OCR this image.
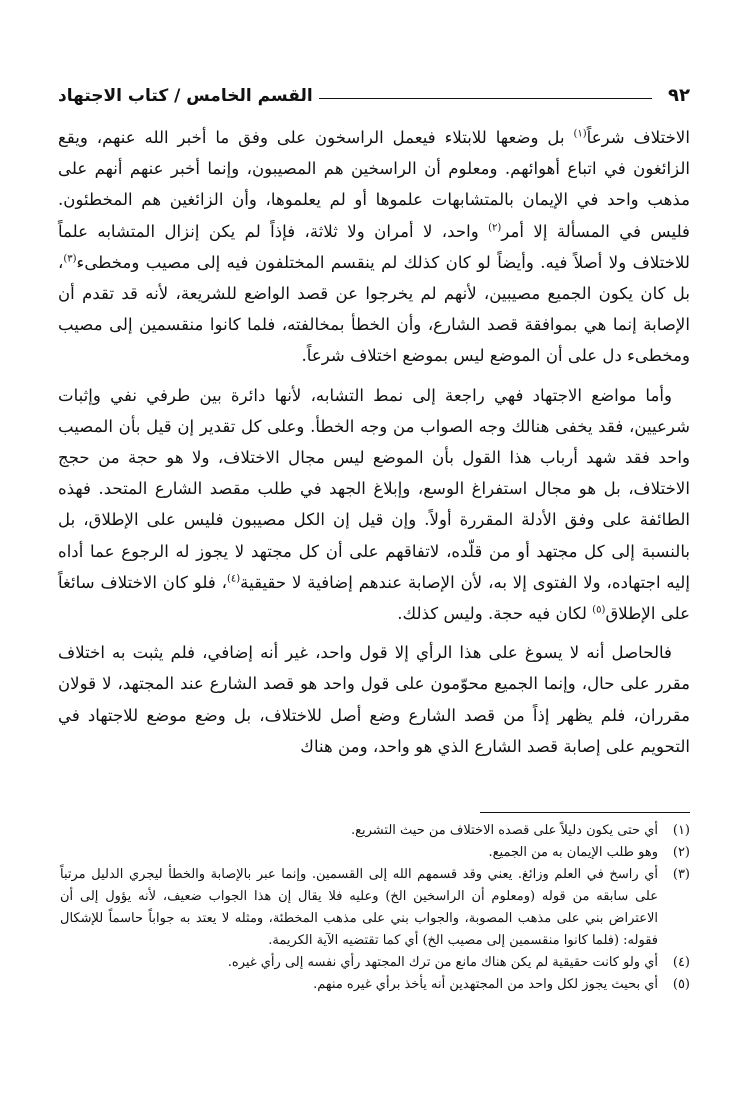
٩٢
القسم الخامس / كتاب الاجتهاد

الاختلاف شرعاً$^{(١)}$ بل وضعها للابتلاء فيعمل الراسخون على وفق ما أخبر الله عنهم، ويقع الزائغون في اتباع أهوائهم. ومعلوم أن الراسخين هم المصيبون، وإنما أخبر عنهم أنهم على مذهب واحد في الإيمان بالمتشابهات علموها أو لم يعلموها، وأن الزائغين هم المخطئون. فليس في المسألة إلا أمر$^{(٢)}$ واحد، لا أمران ولا ثلاثة، فإذاً لم يكن إنزال المتشابه علماً للاختلاف ولا أصلاً فيه. وأيضاً لو كان كذلك لم ينقسم المختلفون فيه إلى مصيب ومخطىء$^{(٣)}$، بل كان يكون الجميع مصيبين، لأنهم لم يخرجوا عن قصد الواضع للشريعة، لأنه قد تقدم أن الإصابة إنما هي بموافقة قصد الشارع، وأن الخطأ بمخالفته، فلما كانوا منقسمين إلى مصيب ومخطىء دل على أن الموضع ليس بموضع اختلاف شرعاً.

وأما مواضع الاجتهاد فهي راجعة إلى نمط التشابه، لأنها دائرة بين طرفي نفي وإثبات شرعيين، فقد يخفى هنالك وجه الصواب من وجه الخطأ. وعلى كل تقدير إن قيل بأن المصيب واحد فقد شهد أرباب هذا القول بأن الموضع ليس مجال الاختلاف، ولا هو حجة من حجج الاختلاف، بل هو مجال استفراغ الوسع، وإبلاغ الجهد في طلب مقصد الشارع المتحد. فهذه الطائفة على وفق الأدلة المقررة أولاً. وإن قيل إن الكل مصيبون فليس على الإطلاق، بل بالنسبة إلى كل مجتهد أو من قلّده، لاتفاقهم على أن كل مجتهد لا يجوز له الرجوع عما أداه إليه اجتهاده، ولا الفتوى إلا به، لأن الإصابة عندهم إضافية لا حقيقية$^{(٤)}$، فلو كان الاختلاف سائغاً على الإطلاق$^{(٥)}$ لكان فيه حجة. وليس كذلك.

فالحاصل أنه لا يسوغ على هذا الرأي إلا قول واحد، غير أنه إضافي، فلم يثبت به اختلاف مقرر على حال، وإنما الجميع محوّمون على قول واحد هو قصد الشارع عند المجتهد، لا قولان مقرران، فلم يظهر إذاً من قصد الشارع وضع أصل للاختلاف، بل وضع موضع للاجتهاد في التحويم على إصابة قصد الشارع الذي هو واحد، ومن هناك

(١)
أي حتى يكون دليلاً على قصده الاختلاف من حيث التشريع.
(٢)
وهو طلب الإيمان به من الجميع.
(٣)
أي راسخ في العلم وزائغ. يعني وقد قسمهم الله إلى القسمين. وإنما عبر بالإصابة والخطأ ليجري الدليل مرتباً على سابقه من قوله (ومعلوم أن الراسخين الخ) وعليه فلا يقال إن هذا الجواب ضعيف، لأنه يؤول إلى أن الاعتراض بني على مذهب المصوبة، والجواب بني على مذهب المخطئة، ومثله لا يعتد به جواباً حاسماً للإشكال فقوله: (فلما كانوا منقسمين إلى مصيب الخ) أي كما تقتضيه الآية الكريمة.
(٤)
أي ولو كانت حقيقية لم يكن هناك مانع من ترك المجتهد رأي نفسه إلى رأي غيره.
(٥)
أي بحيث يجوز لكل واحد من المجتهدين أنه يأخذ برأي غيره منهم.
